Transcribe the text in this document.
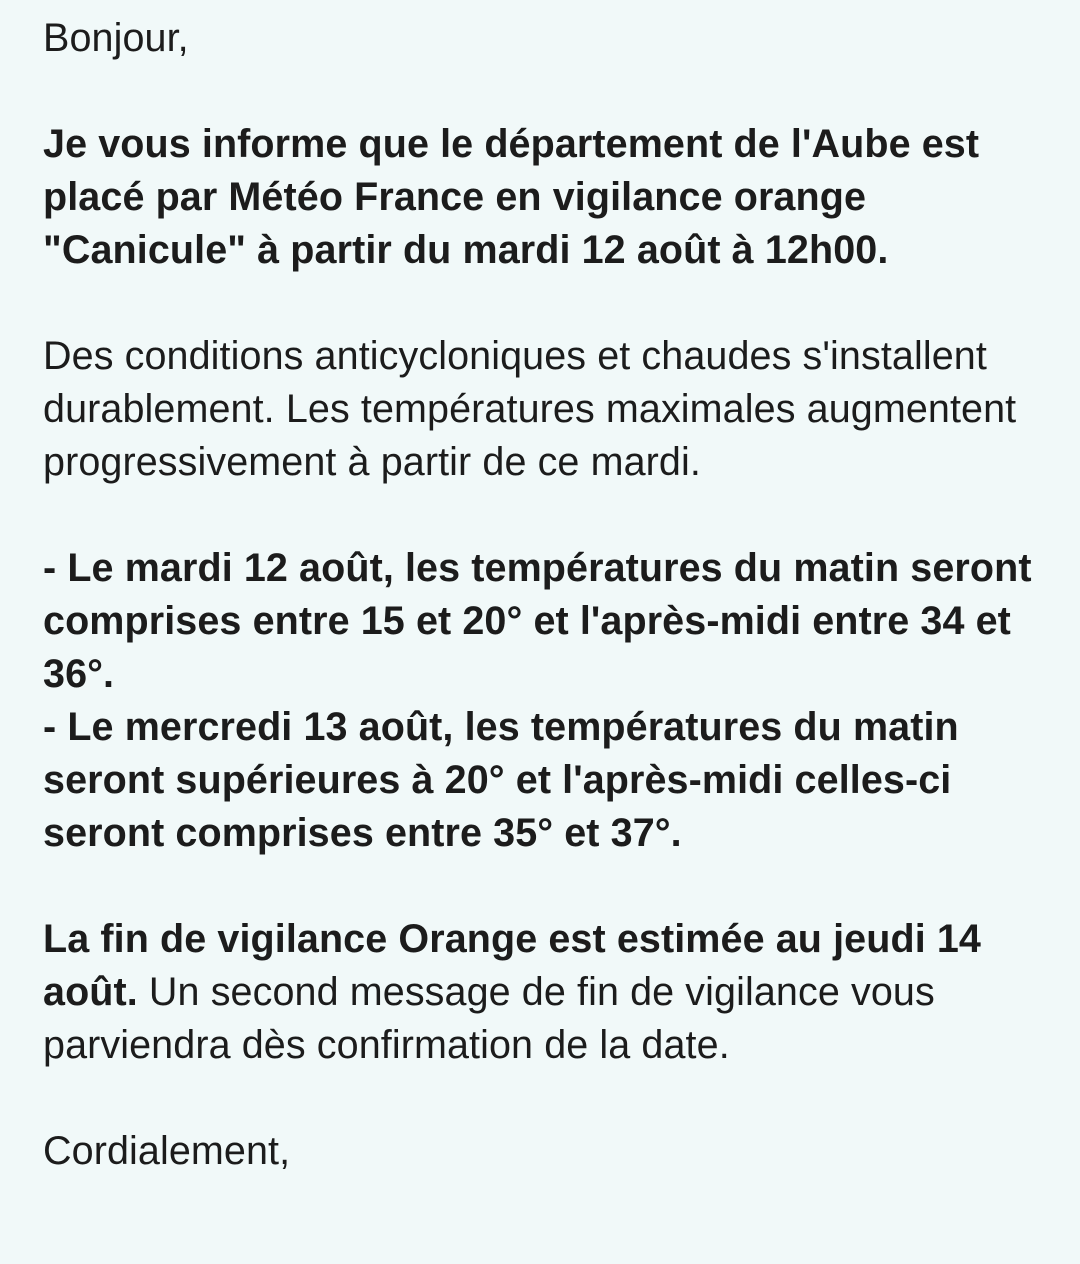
Bonjour,

Je vous informe que le département de l'Aube est placé par Météo France en vigilance orange "Canicule" à partir du mardi 12 août à 12h00.

Des conditions anticycloniques et chaudes s'installent durablement. Les températures maximales augmentent progressivement à partir de ce mardi.

- Le mardi 12 août, les températures du matin seront comprises entre 15 et 20° et l'après-midi entre 34 et 36°.

- Le mercredi 13 août, les températures du matin seront supérieures à 20° et l'après-midi celles-ci seront comprises entre 35° et 37°.

La fin de vigilance Orange est estimée au jeudi 14 août. Un second message de fin de vigilance vous parviendra dès confirmation de la date.

Cordialement,
